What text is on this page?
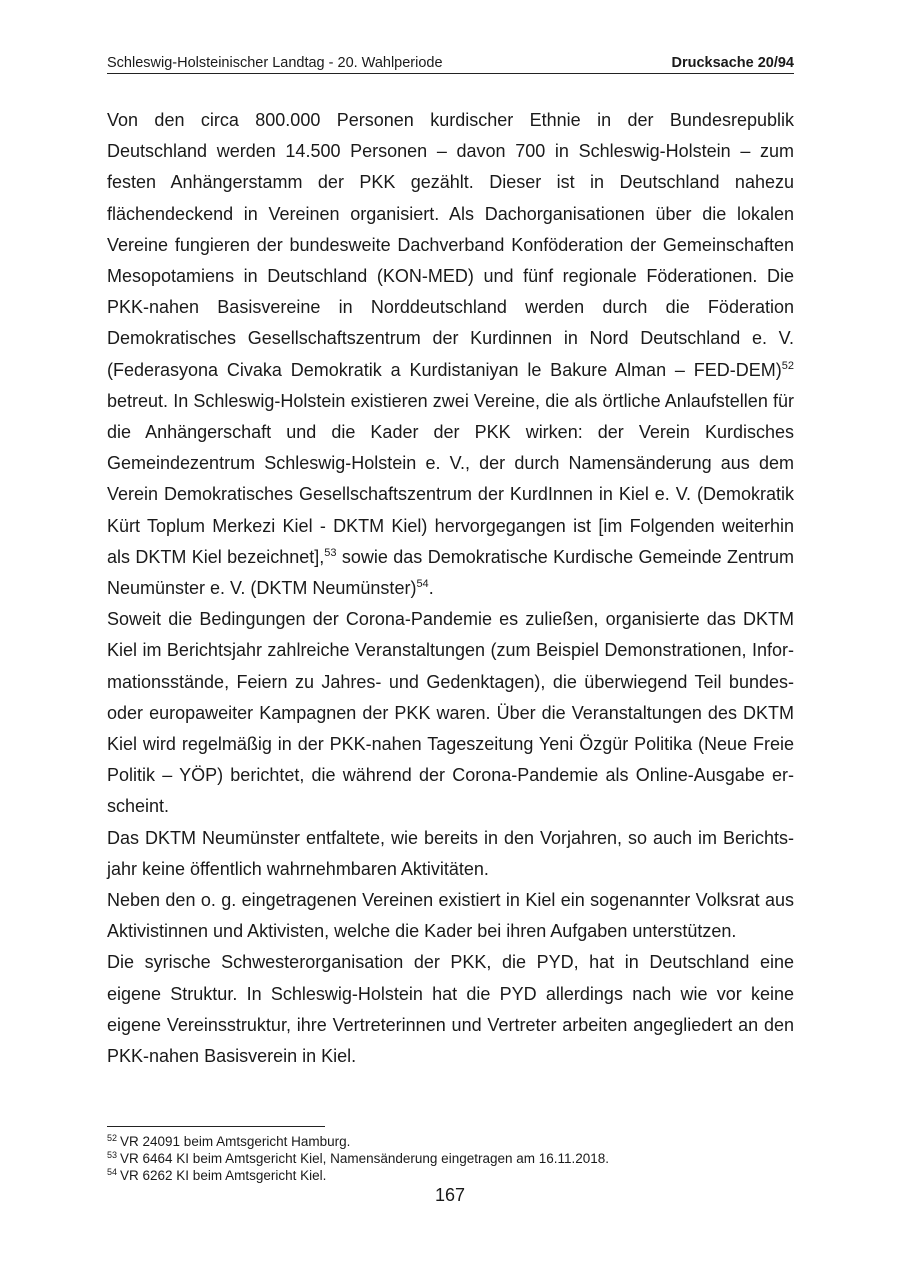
Schleswig-Holsteinischer Landtag - 20. Wahlperiode	Drucksache 20/94

Von den circa 800.000 Personen kurdischer Ethnie in der Bundesrepublik Deutschland werden 14.500 Personen – davon 700 in Schleswig-Holstein – zum festen Anhängerstamm der PKK gezählt. Dieser ist in Deutschland nahezu flächendeckend in Vereinen organisiert. Als Dachorganisationen über die lokalen Vereine fungieren der bundesweite Dachverband Konföderation der Gemeinschaften Mesopotamiens in Deutschland (KON-MED) und fünf regionale Föderationen. Die PKK-nahen Basisvereine in Norddeutschland werden durch die Föderation Demokratisches Gesellschaftszentrum der Kurdinnen in Nord Deutschland e. V. (Federasyona Civaka Demokratik a Kurdistaniyan le Bakure Alman – FED-DEM)$^{52}$ betreut. In Schleswig-Holstein existieren zwei Vereine, die als örtliche Anlaufstellen für die Anhängerschaft und die Kader der PKK wirken: der Verein Kurdisches Gemeindezentrum Schleswig-Holstein e. V., der durch Namensänderung aus dem Verein Demokratisches Gesellschaftszentrum der KurdInnen in Kiel e. V. (Demokratik Kürt Toplum Merkezi Kiel - DKTM Kiel) hervorgegangen ist [im Folgenden weiterhin als DKTM Kiel bezeichnet],$^{53}$ sowie das Demokratische Kurdische Gemeinde Zentrum Neumünster e. V. (DKTM Neumünster)$^{54}$.

Soweit die Bedingungen der Corona-Pandemie es zuließen, organisierte das DKTM Kiel im Berichtsjahr zahlreiche Veranstaltungen (zum Beispiel Demonstrationen, Informationsstände, Feiern zu Jahres- und Gedenktagen), die überwiegend Teil bundesoder europaweiter Kampagnen der PKK waren. Über die Veranstaltungen des DKTM Kiel wird regelmäßig in der PKK-nahen Tageszeitung Yeni Özgür Politika (Neue Freie Politik – YÖP) berichtet, die während der Corona-Pandemie als Online-Ausgabe erscheint.

Das DKTM Neumünster entfaltete, wie bereits in den Vorjahren, so auch im Berichtsjahr keine öffentlich wahrnehmbaren Aktivitäten.

Neben den o. g. eingetragenen Vereinen existiert in Kiel ein sogenannter Volksrat aus Aktivistinnen und Aktivisten, welche die Kader bei ihren Aufgaben unterstützen.

Die syrische Schwesterorganisation der PKK, die PYD, hat in Deutschland eine eigene Struktur. In Schleswig-Holstein hat die PYD allerdings nach wie vor keine eigene Vereinsstruktur, ihre Vertreterinnen und Vertreter arbeiten angegliedert an den PKK-nahen Basisverein in Kiel.

$^{52}$ VR 24091 beim Amtsgericht Hamburg.
$^{53}$ VR 6464 KI beim Amtsgericht Kiel, Namensänderung eingetragen am 16.11.2018.
$^{54}$ VR 6262 KI beim Amtsgericht Kiel.
167
